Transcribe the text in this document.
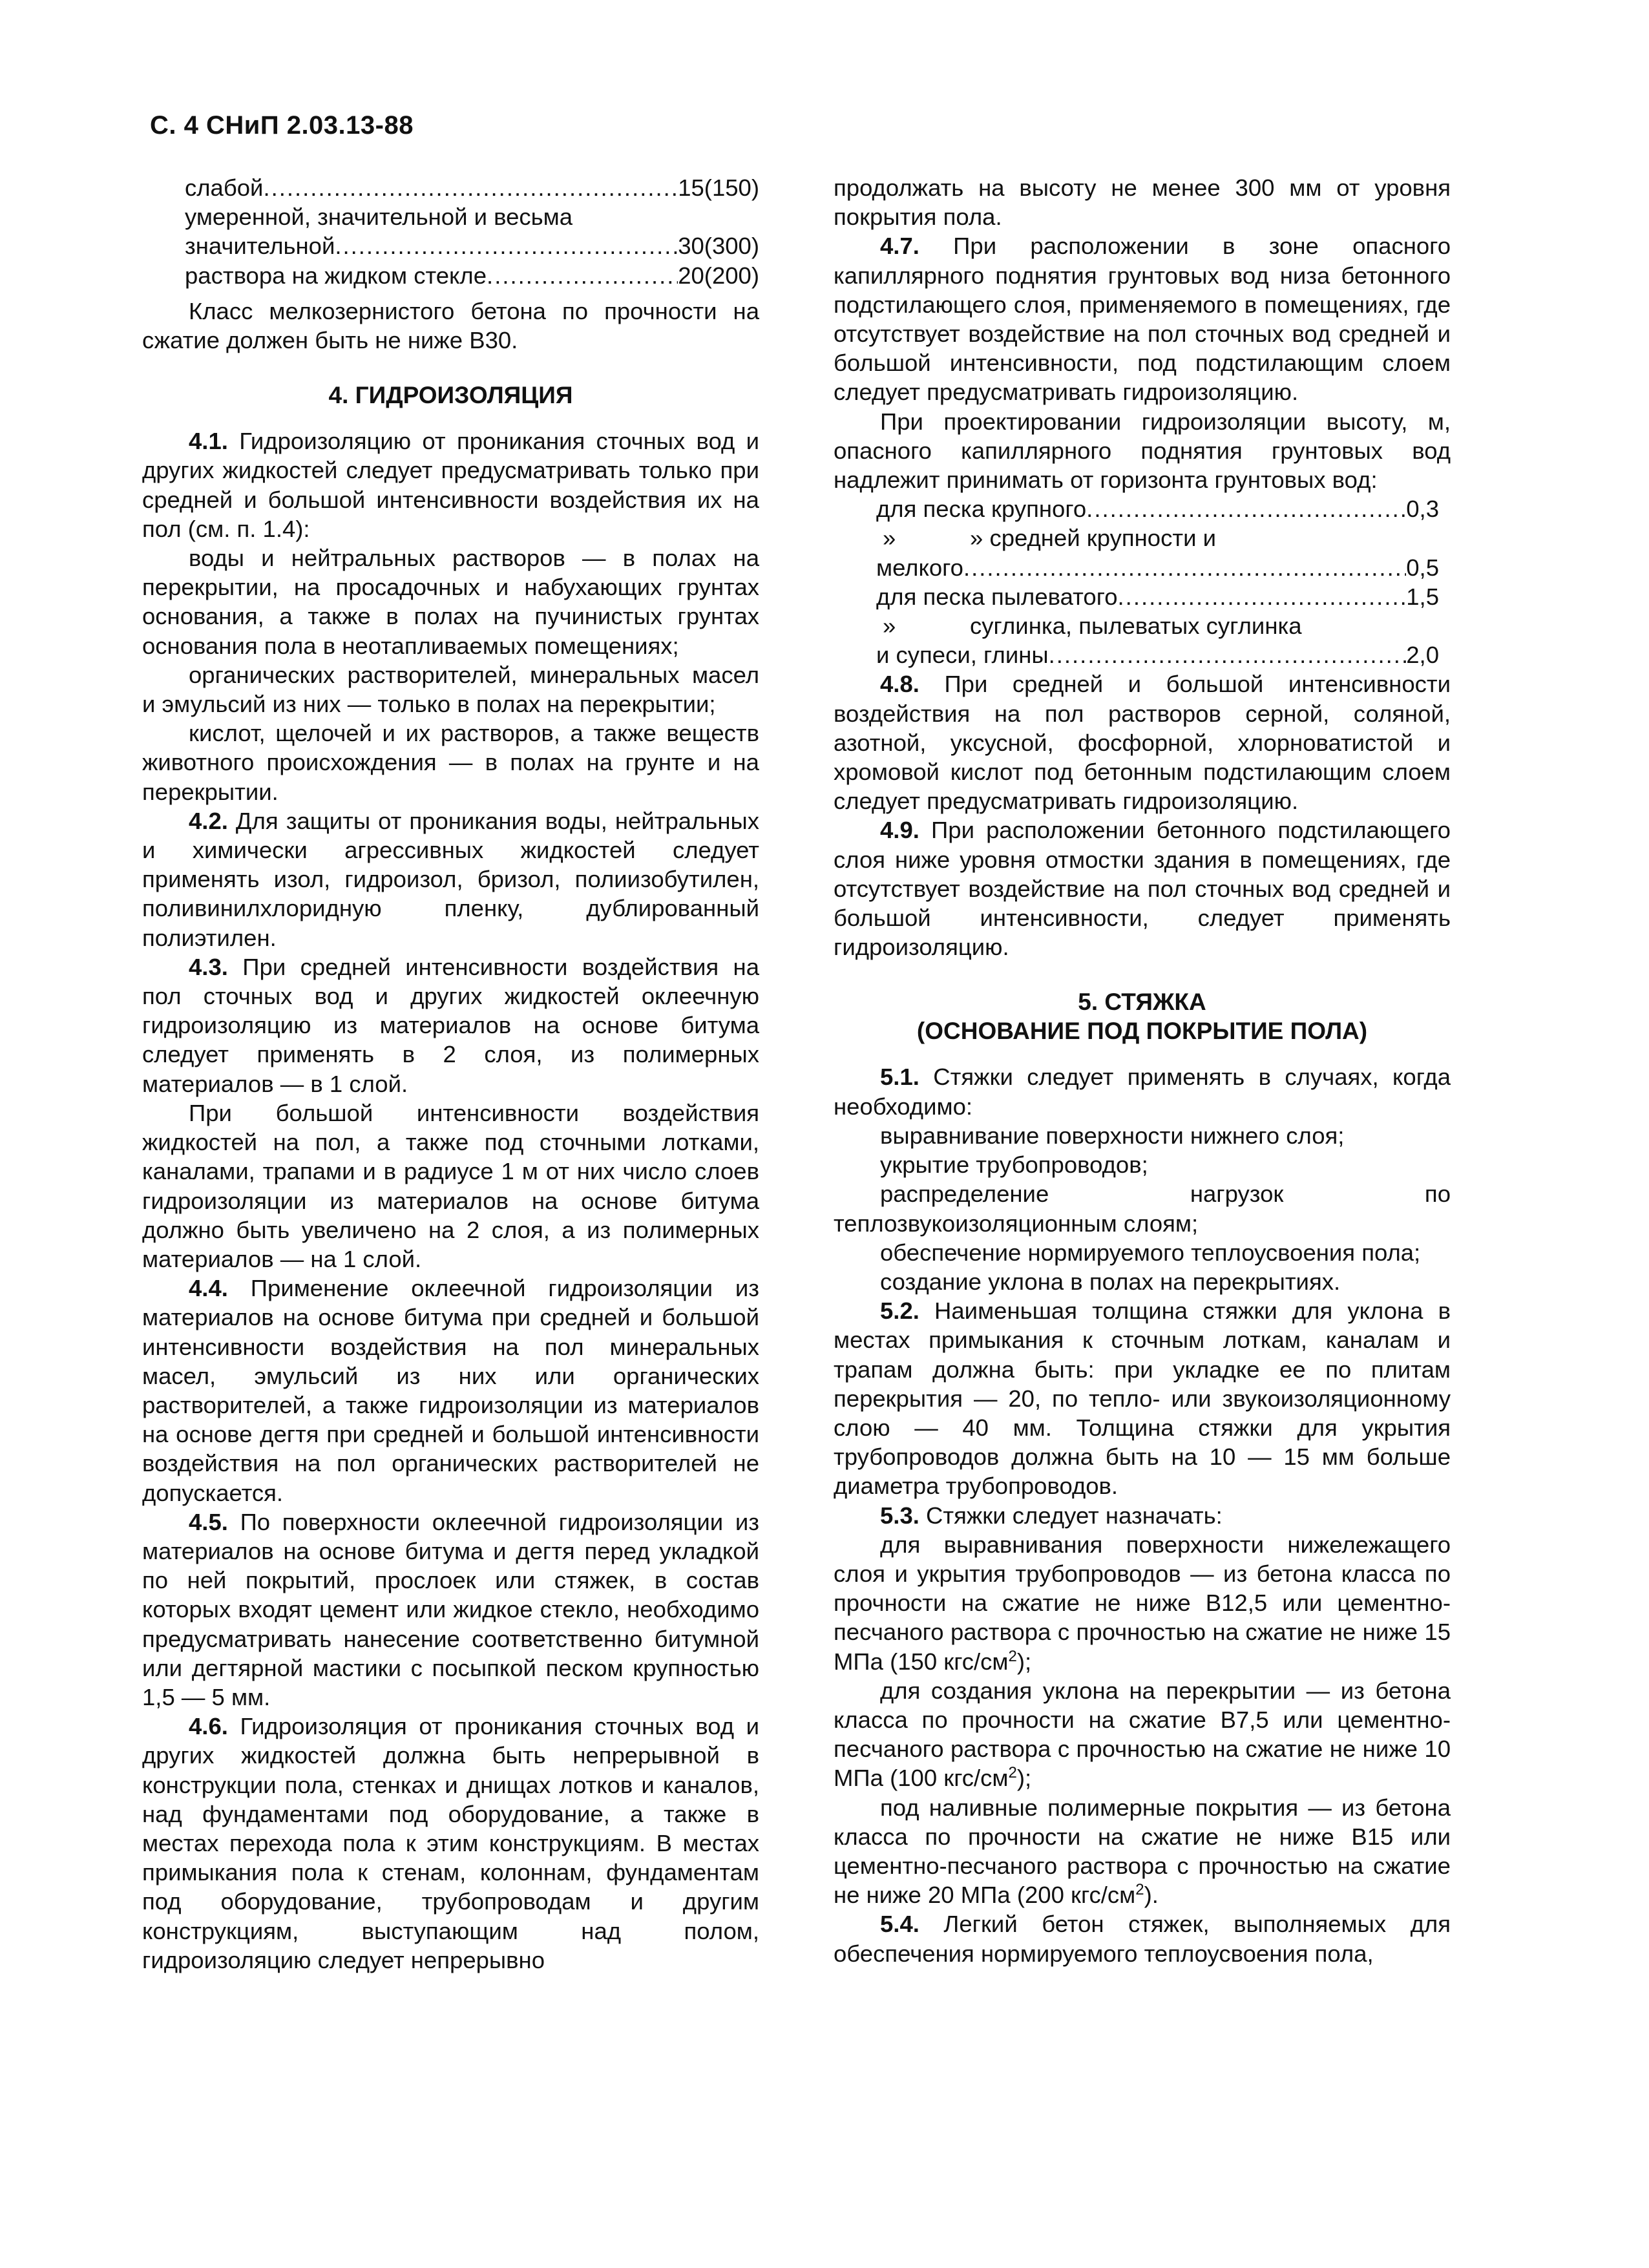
С. 4 СНиП 2.03.13-88
слабой .....	15(150)
умеренной, значительной и весьма
значительной .....	30(300)
раствора на жидком стекле .....	20(200)

Класс мелкозернистого бетона по прочности на сжатие должен быть не ниже В30.

4. ГИДРОИЗОЛЯЦИЯ

4.1. Гидроизоляцию от проникания сточных вод и других жидкостей следует предусматривать только при средней и большой интенсивности воздействия их на пол (см. п. 1.4):

воды и нейтральных растворов — в полах на перекрытии, на просадочных и набухающих грунтах основания, а также в полах на пучинистых грунтах основания пола в неотапливаемых помещениях;

органических растворителей, минеральных масел и эмульсий из них — только в полах на перекрытии;

кислот, щелочей и их растворов, а также веществ животного происхождения — в полах на грунте и на перекрытии.

4.2. Для защиты от проникания воды, нейтральных и химически агрессивных жидкостей следует применять изол, гидроизол, бризол, полиизобутилен, поливинилхлоридную пленку, дублированный полиэтилен.

4.3. При средней интенсивности воздействия на пол сточных вод и других жидкостей оклеечную гидроизоляцию из материалов на основе битума следует применять в 2 слоя, из полимерных материалов — в 1 слой.

При большой интенсивности воздействия жидкостей на пол, а также под сточными лотками, каналами, трапами и в радиусе 1 м от них число слоев гидроизоляции из материалов на основе битума должно быть увеличено на 2 слоя, а из полимерных материалов — на 1 слой.

4.4. Применение оклеечной гидроизоляции из материалов на основе битума при средней и большой интенсивности воздействия на пол минеральных масел, эмульсий из них или органических растворителей, а также гидроизоляции из материалов на основе дегтя при средней и большой интенсивности воздействия на пол органических растворителей не допускается.

4.5. По поверхности оклеечной гидроизоляции из материалов на основе битума и дегтя перед укладкой по ней покрытий, прослоек или стяжек, в состав которых входят цемент или жидкое стекло, необходимо предусматривать нанесение соответственно битумной или дегтярной мастики с посыпкой песком крупностью 1,5 — 5 мм.

4.6. Гидроизоляция от проникания сточных вод и других жидкостей должна быть непрерывной в конструкции пола, стенках и днищах лотков и каналов, над фундаментами под оборудование, а также в местах перехода пола к этим конструкциям. В местах примыкания пола к стенам, колоннам, фундаментам под оборудование, трубопроводам и другим конструкциям, выступающим над полом, гидроизоляцию следует непрерывно

продолжать на высоту не менее 300 мм от уровня покрытия пола.

4.7. При расположении в зоне опасного капиллярного поднятия грунтовых вод низа бетонного подстилающего слоя, применяемого в помещениях, где отсутствует воздействие на пол сточных вод средней и большой интенсивности, под подстилающим слоем следует предусматривать гидроизоляцию.

При проектировании гидроизоляции высоту, м, опасного капиллярного поднятия грунтовых вод надлежит принимать от горизонта грунтовых вод:

для песка крупного .....	0,3
»	» средней крупности и
мелкого .....	0,5
для песка пылеватого .....	1,5
»	суглинка, пылеватых суглинка
и супеси, глины .....	2,0

4.8. При средней и большой интенсивности воздействия на пол растворов серной, соляной, азотной, уксусной, фосфорной, хлорноватистой и хромовой кислот под бетонным подстилающим слоем следует предусматривать гидроизоляцию.

4.9. При расположении бетонного подстилающего слоя ниже уровня отмостки здания в помещениях, где отсутствует воздействие на пол сточных вод средней и большой интенсивности, следует применять гидроизоляцию.

5. СТЯЖКА
(ОСНОВАНИЕ ПОД ПОКРЫТИЕ ПОЛА)

5.1. Стяжки следует применять в случаях, когда необходимо:

выравнивание поверхности нижнего слоя;

укрытие трубопроводов;

распределение нагрузок по теплозвукоизоляционным слоям;

обеспечение нормируемого теплоусвоения пола;

создание уклона в полах на перекрытиях.

5.2. Наименьшая толщина стяжки для уклона в местах примыкания к сточным лоткам, каналам и трапам должна быть: при укладке ее по плитам перекрытия — 20, по тепло- или звукоизоляционному слою — 40 мм. Толщина стяжки для укрытия трубопроводов должна быть на 10 — 15 мм больше диаметра трубопроводов.

5.3. Стяжки следует назначать:

для выравнивания поверхности нижележащего слоя и укрытия трубопроводов — из бетона класса по прочности на сжатие не ниже В12,5 или цементно-песчаного раствора с прочностью на сжатие не ниже 15 МПа (150 кгс/$см^2$);

для создания уклона на перекрытии — из бетона класса по прочности на сжатие В7,5 или цементно-песчаного раствора с прочностью на сжатие не ниже 10 МПа (100 кгс/$см^2$);

под наливные полимерные покрытия — из бетона класса по прочности на сжатие не ниже В15 или цементно-песчаного раствора с прочностью на сжатие не ниже 20 МПа (200 кгс/$см^2$).

5.4. Легкий бетон стяжек, выполняемых для обеспечения нормируемого теплоусвоения пола,
